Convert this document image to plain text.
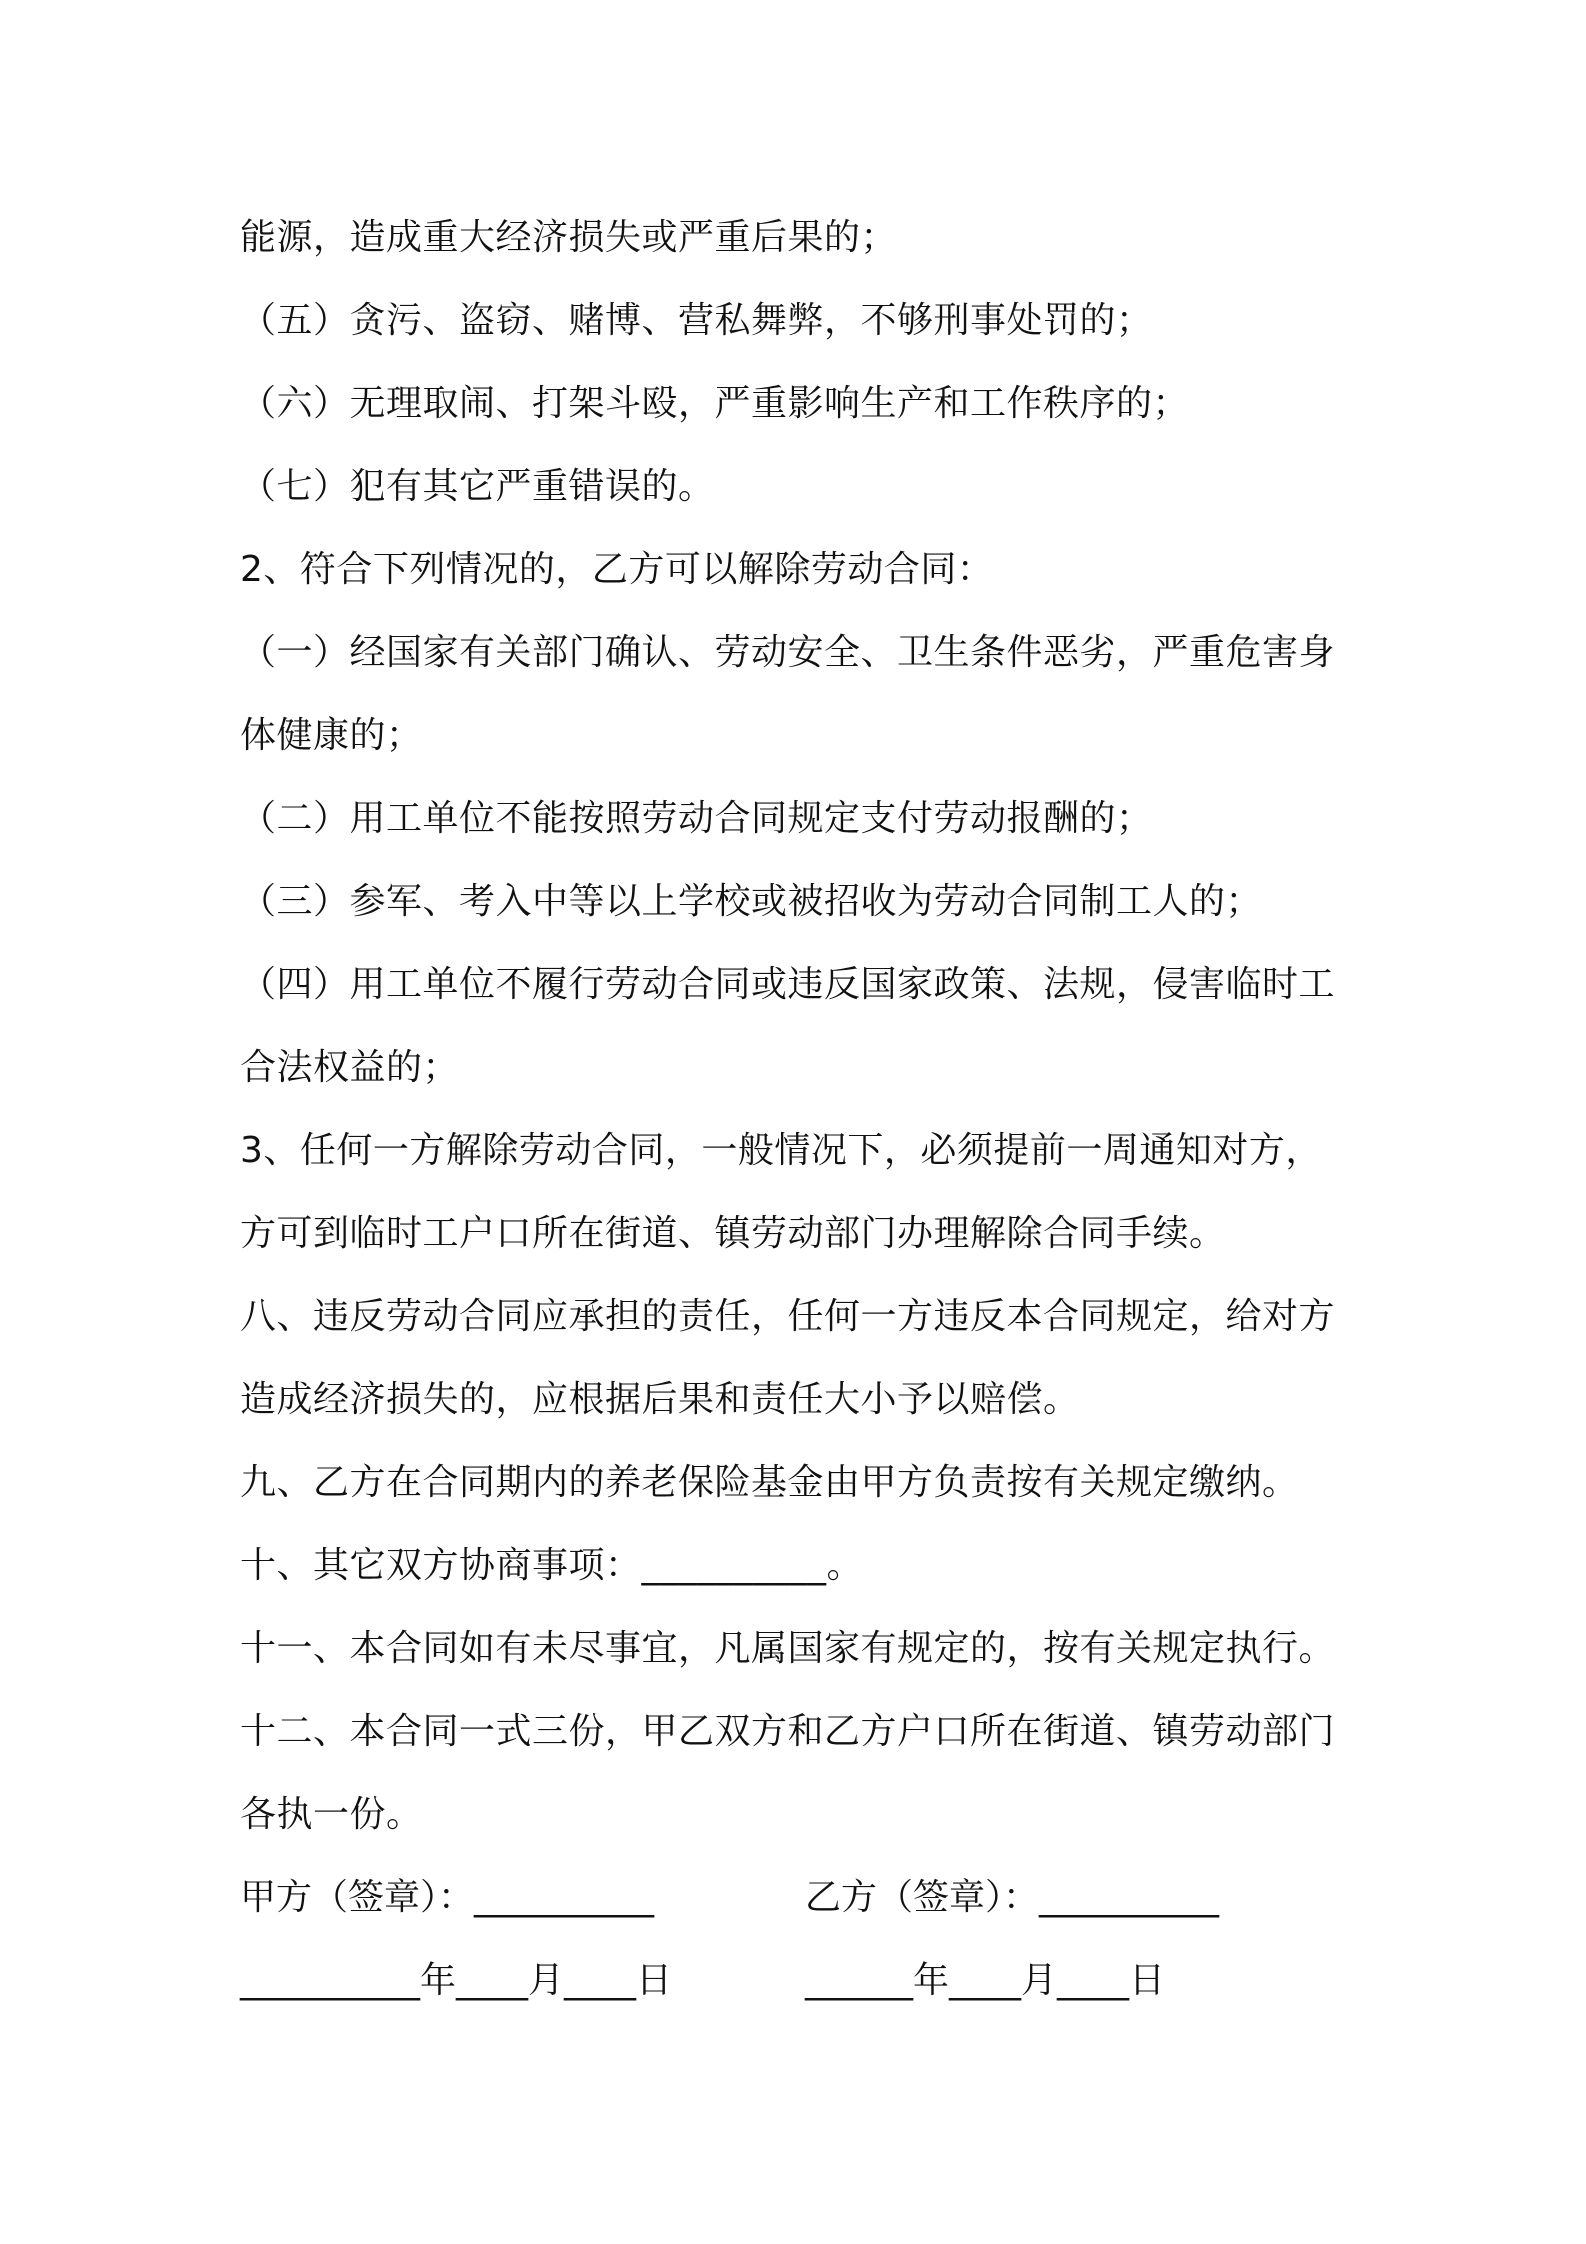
能源，造成重大经济损失或严重后果的；
（五）贪污、盗窃、赌博、营私舞弊，不够刑事处罚的；
（六）无理取闹、打架斗殴，严重影响生产和工作秩序的；
（七）犯有其它严重错误的。
2、符合下列情况的，乙方可以解除劳动合同：
（一）经国家有关部门确认、劳动安全、卫生条件恶劣，严重危害身
体健康的；
（二）用工单位不能按照劳动合同规定支付劳动报酬的；
（三）参军、考入中等以上学校或被招收为劳动合同制工人的；
（四）用工单位不履行劳动合同或违反国家政策、法规，侵害临时工
合法权益的；
3、任何一方解除劳动合同，一般情况下，必须提前一周通知对方，
方可到临时工户口所在街道、镇劳动部门办理解除合同手续。
八、违反劳动合同应承担的责任，任何一方违反本合同规定，给对方
造成经济损失的，应根据后果和责任大小予以赔偿。
九、乙方在合同期内的养老保险基金由甲方负责按有关规定缴纳。
十、其它双方协商事项：__________。
十一、本合同如有未尽事宜，凡属国家有规定的，按有关规定执行。
十二、本合同一式三份，甲乙双方和乙方户口所在街道、镇劳动部门
各执一份。
甲方（签章）：__________	乙方（签章）：__________
__________年____月____日	______年____月____日
